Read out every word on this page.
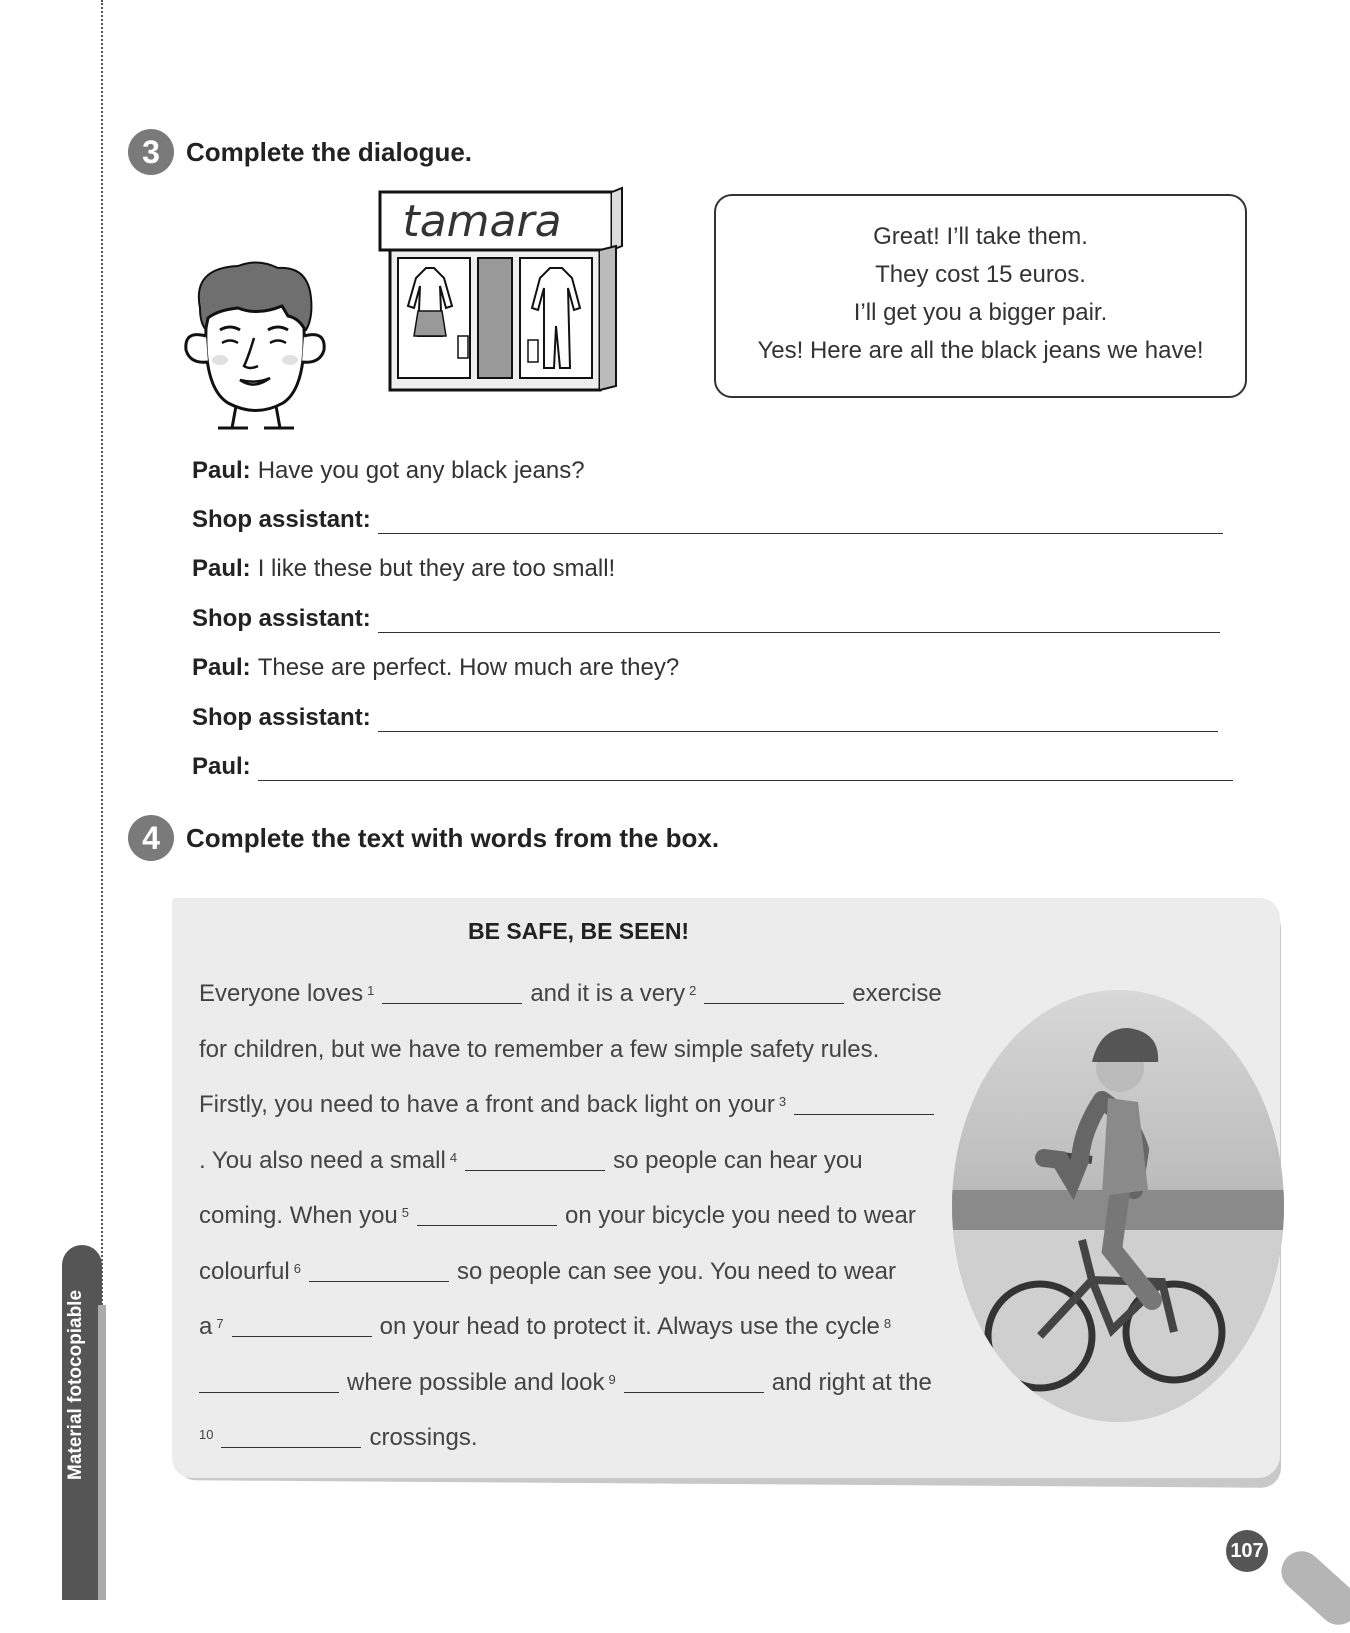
3	Complete the dialogue.
tamara	Great! I’ll take them.
They cost 15 euros.
I’ll get you a bigger pair.
Yes! Here are all the black jeans we have!
Paul: Have you got any black jeans?
Shop assistant:
Paul: I like these but they are too small!
Shop assistant:
Paul: These are perfect. How much are they?
Shop assistant:
Paul:
4	Complete the text with words from the box.
BE SAFE, BE SEEN!
Everyone loves $^1$	and it is a very $^2$	exercise
for children, but we have to remember a few simple safety rules.
Firstly, you need to have a front and back light on your $^3$
. You also need a small $^4$	so people can hear you
coming. When you $^5$	on your bicycle you need to wear
colourful $^6$	so people can see you. You need to wear
a $^7$	on your head to protect it. Always use the cycle $^8$
where possible and look $^9$	and right at the
$^{10}$	crossings.
107
